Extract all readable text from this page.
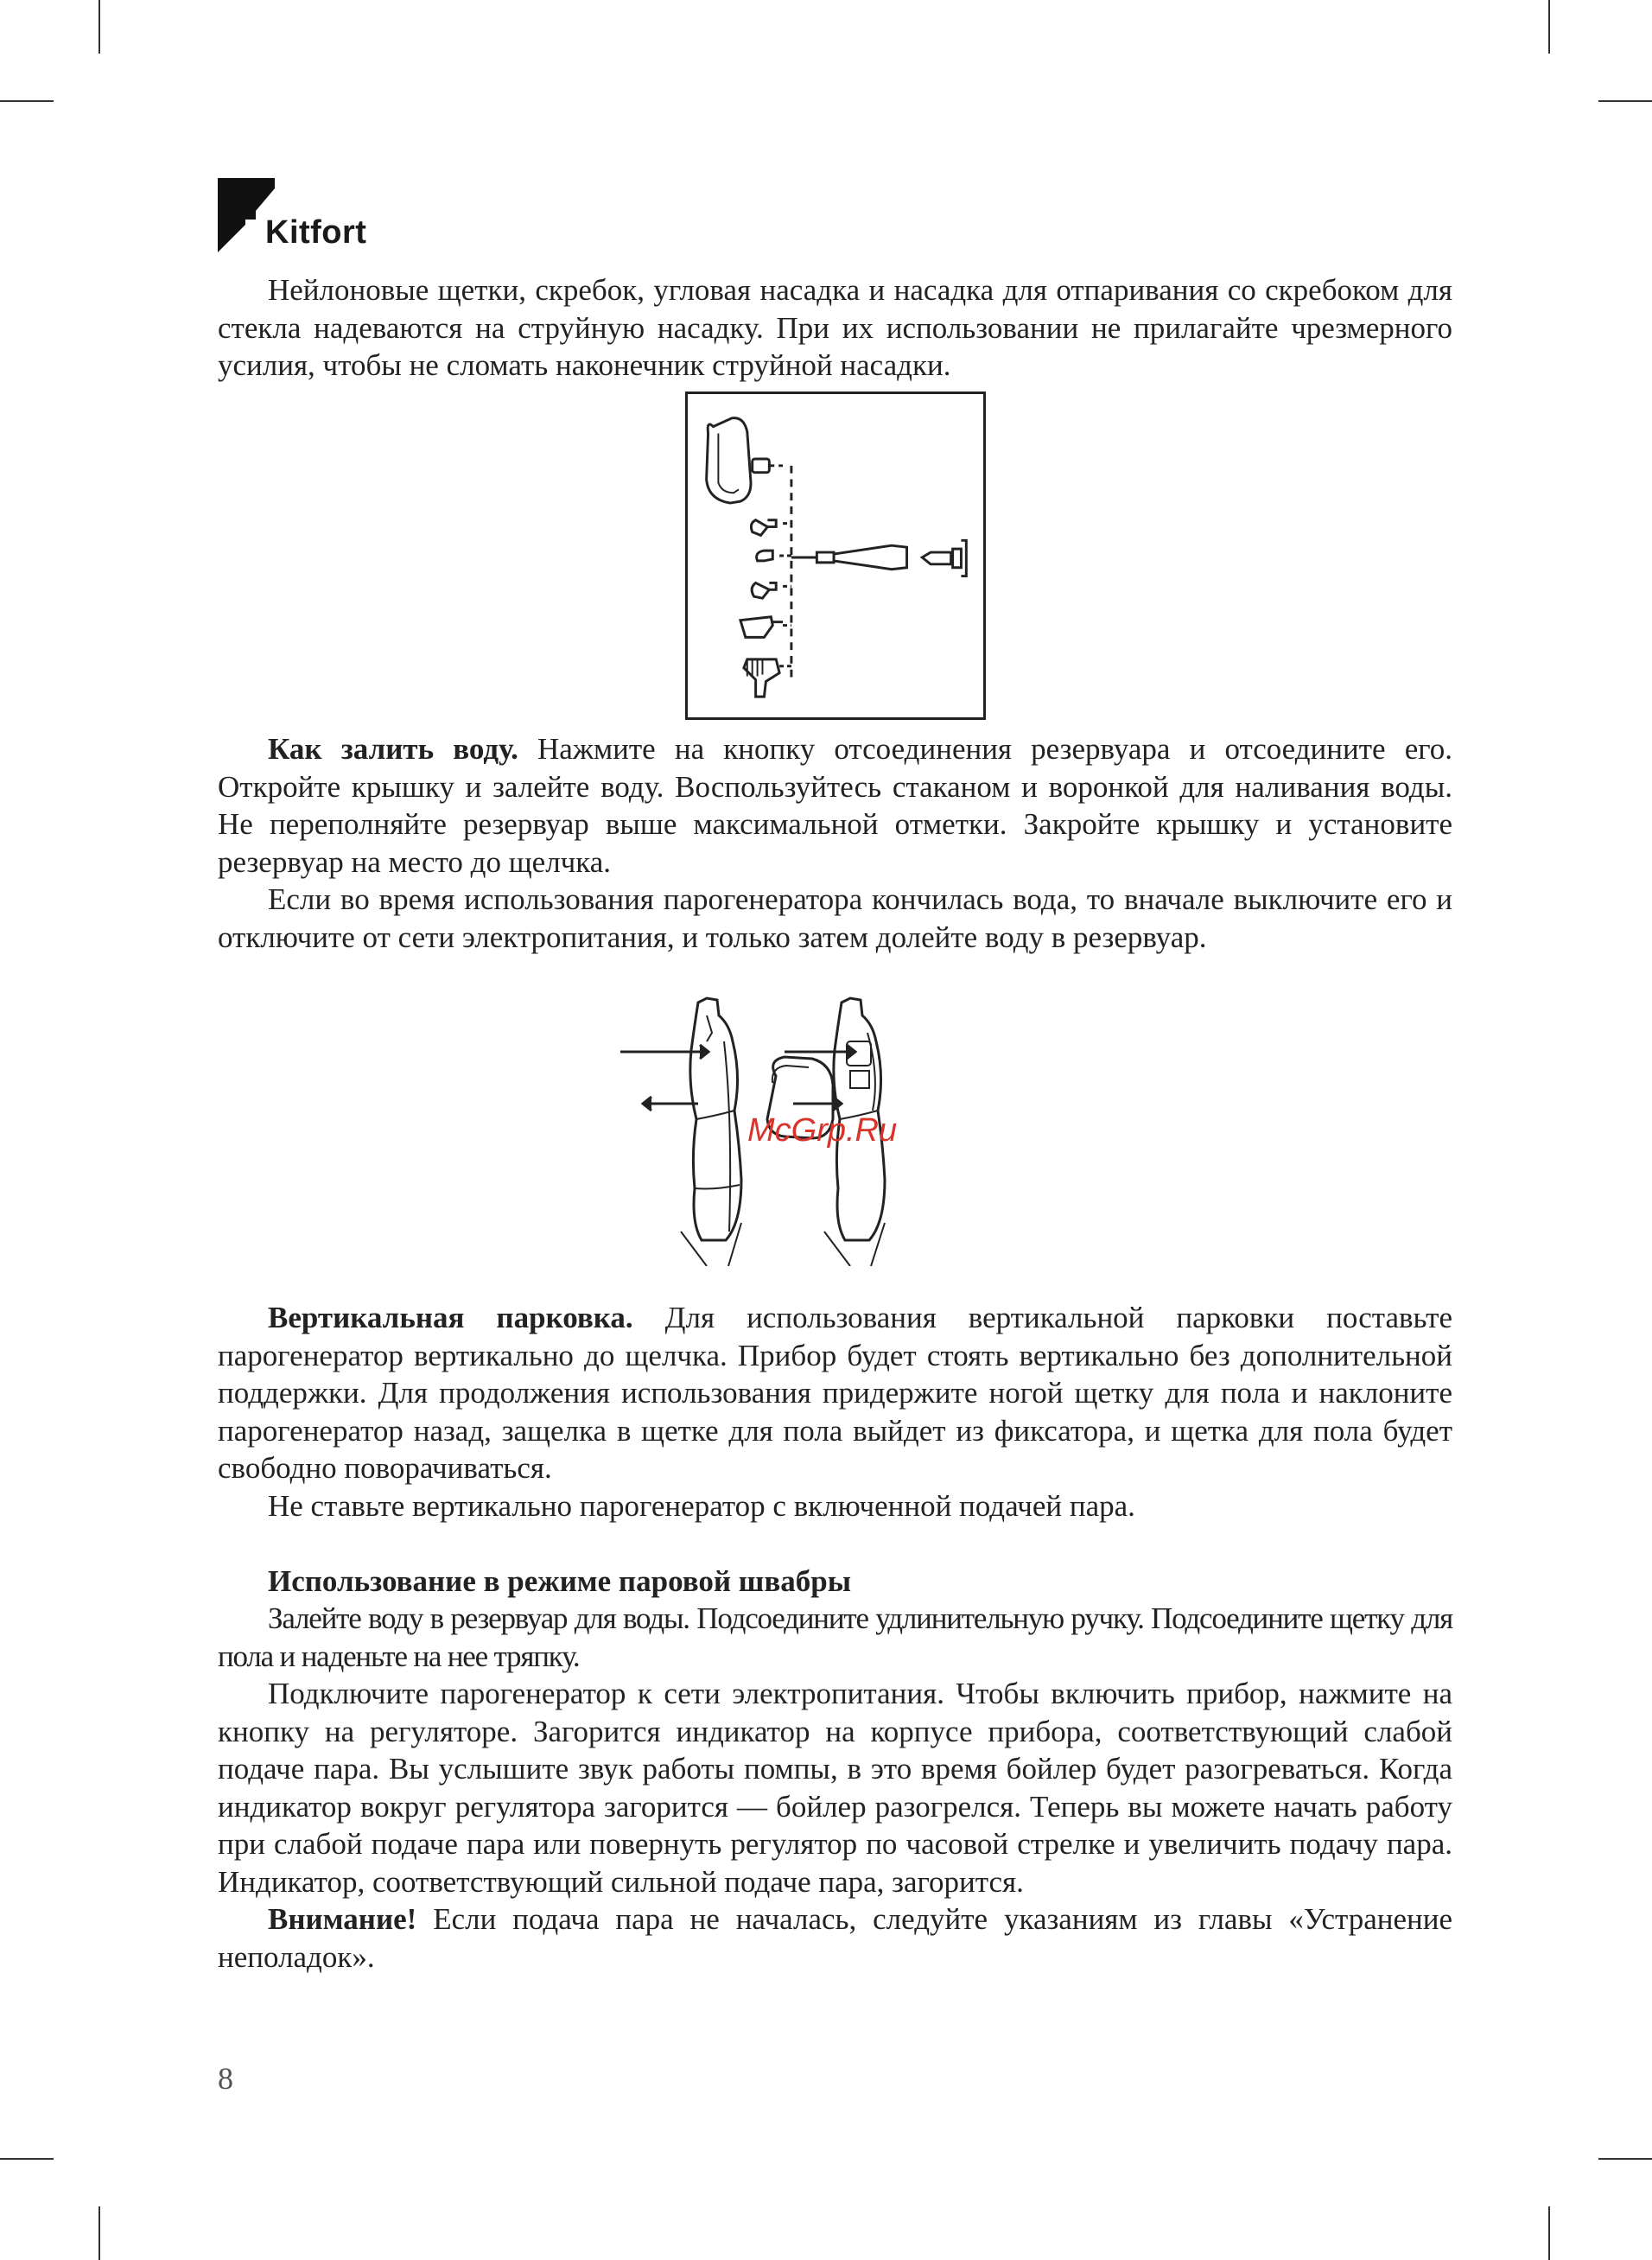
Kitfort

Нейлоновые щетки, скребок, угловая насадка и насадка для отпаривания со скребоком для стекла надеваются на струйную насадку. При их использовании не прилагайте чрезмерного усилия, чтобы не сломать наконечник струйной насадки.

Как залить воду. Нажмите на кнопку отсоединения резервуара и отсоедините его. Откройте крышку и залейте воду. Воспользуйтесь стаканом и воронкой для наливания воды. Не переполняйте резервуар выше максимальной отметки. Закройте крышку и установите резервуар на место до щелчка.

Если во время использования парогенератора кончилась вода, то вначале выключите его и отключите от сети электропитания, и только затем долейте воду в резервуар.

McGrp.Ru

Вертикальная парковка. Для использования вертикальной парковки поставьте парогенератор вертикально до щелчка. Прибор будет стоять вертикально без дополнительной поддержки. Для продолжения использования придержите ногой щетку для пола и наклоните парогенератор назад, защелка в щетке для пола выйдет из фиксатора, и щетка для пола будет свободно поворачиваться.

Не ставьте вертикально парогенератор с включенной подачей пара.

Использование в режиме паровой швабры

Залейте воду в резервуар для воды. Подсоедините удлинительную ручку. Подсоедините щетку для пола и наденьте на нее тряпку.

Подключите парогенератор к сети электропитания. Чтобы включить прибор, нажмите на кнопку на регуляторе. Загорится индикатор на корпусе прибора, соответствующий слабой подаче пара. Вы услышите звук работы помпы, в это время бойлер будет разогреваться. Когда индикатор вокруг регулятора загорится — бойлер разогрелся. Теперь вы можете начать работу при слабой подаче пара или повернуть регулятор по часовой стрелке и увеличить подачу пара. Индикатор, соответствующий сильной подаче пара, загорится.

Внимание! Если подача пара не началась, следуйте указаниям из главы «Устранение неполадок».

8
